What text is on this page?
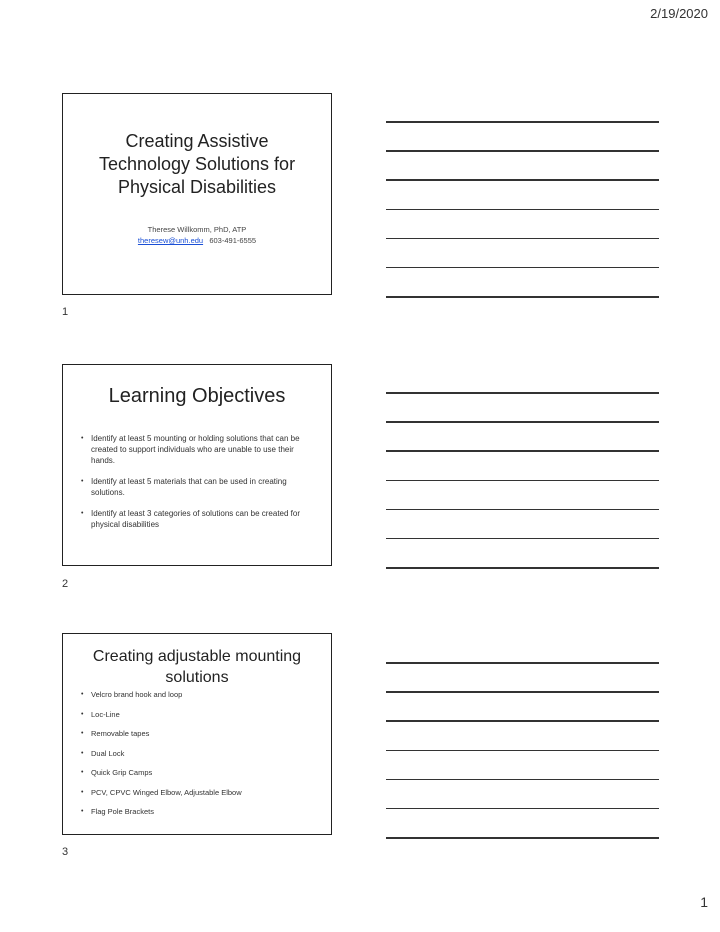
2/19/2020
Creating Assistive
Technology Solutions for
Physical Disabilities
Therese Willkomm, PhD, ATP
theresew@unh.edu 603-491-6555
1
Learning Objectives
• Identify at least 5 mounting or holding solutions that can be created to support individuals who are unable to use their hands.
• Identify at least 5 materials that can be used in creating solutions.
• Identify at least 3 categories of solutions can be created for physical disabilities
2
Creating adjustable mounting
solutions
• Velcro brand hook and loop
• Loc-Line
• Removable tapes
• Dual Lock
• Quick Grip Camps
• PCV, CPVC Winged Elbow, Adjustable Elbow
• Flag Pole Brackets
3
1
